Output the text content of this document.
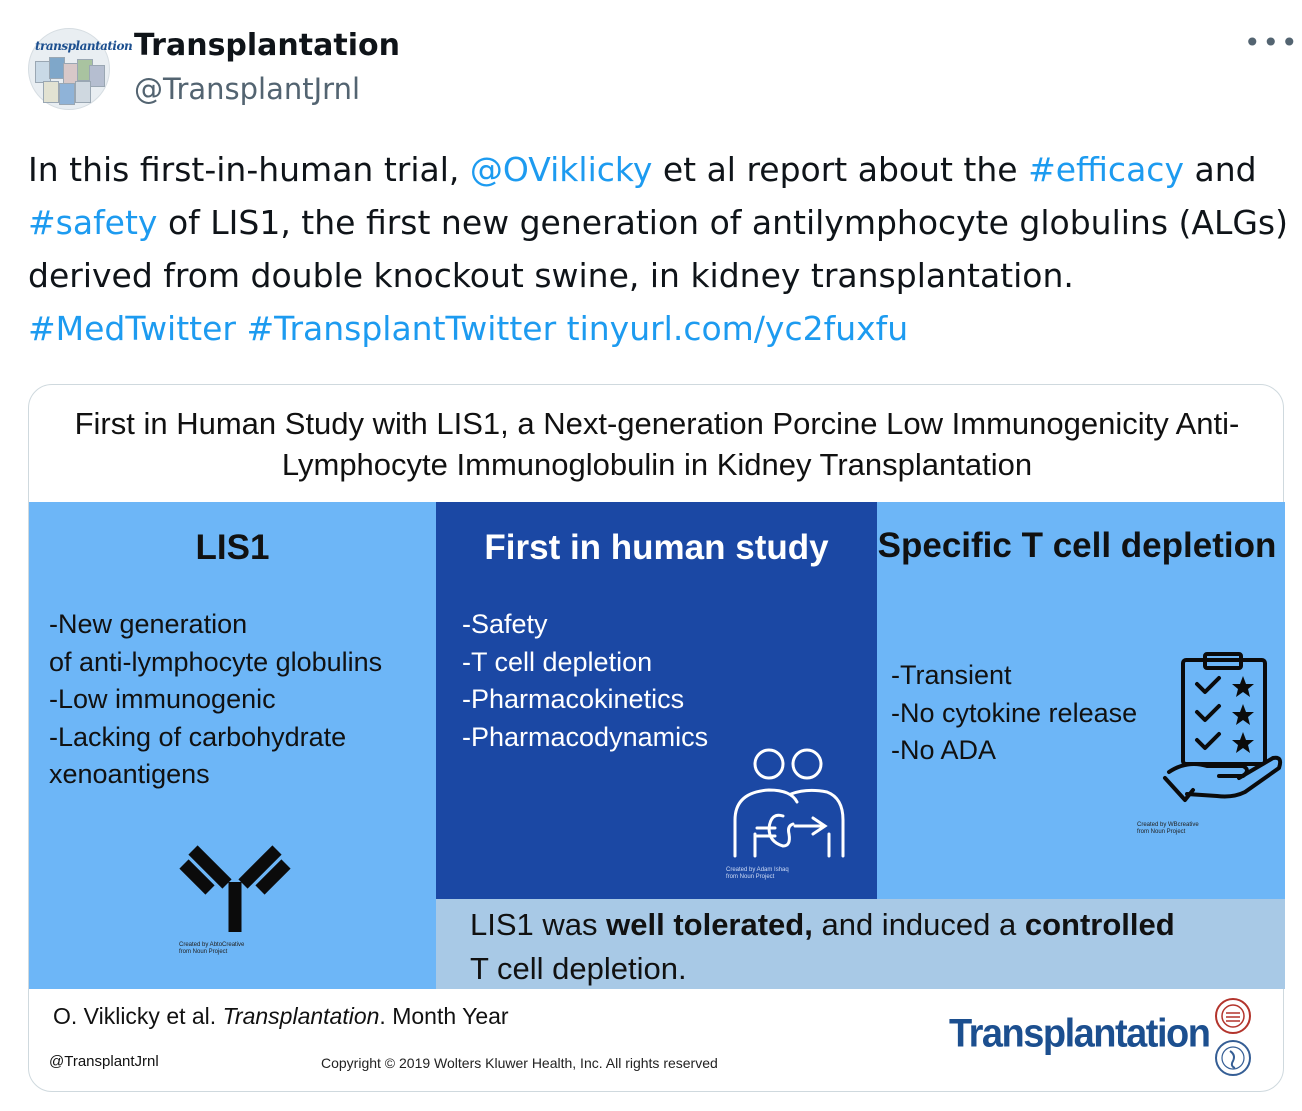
transplantation Transplantation
@TransplantJrnl
•••
In this first-in-human trial, @OViklicky et al report about the #efficacy and #safety of LIS1, the first new generation of antilymphocyte globulins (ALGs) derived from double knockout swine, in kidney transplantation.
#MedTwitter #TransplantTwitter tinyurl.com/yc2fuxfu
First in Human Study with LIS1, a Next-generation Porcine Low Immunogenicity Anti-Lymphocyte Immunoglobulin in Kidney Transplantation
LIS1
-New generation
of anti-lymphocyte globulins
-Low immunogenic
-Lacking of carbohydrate
xenoantigens
Created by AbtoCreative
from Noun Project
First in human study
-Safety
-T cell depletion
-Pharmacokinetics
-Pharmacodynamics
Created by Adam Ishaq
from Noun Project
Specific T cell depletion
-Transient
-No cytokine release
-No ADA
Created by WBcreative
from Noun Project
LIS1 was well tolerated, and induced a controlled
T cell depletion.
O. Viklicky et al. Transplantation. Month Year
@TransplantJrnl	Copyright © 2019 Wolters Kluwer Health, Inc. All rights reserved
Transplantation
